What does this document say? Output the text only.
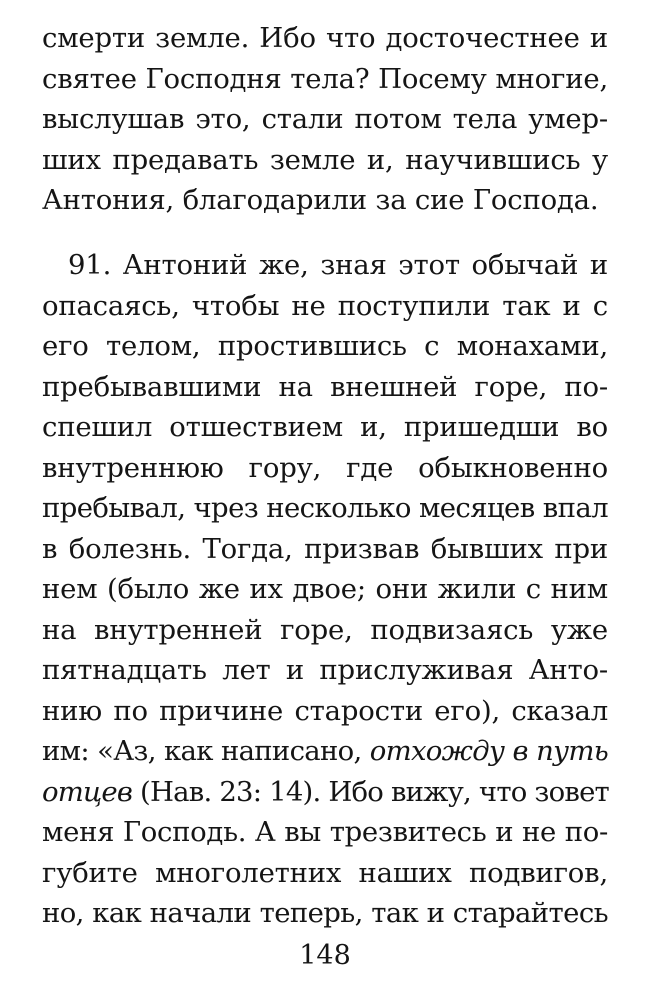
смерти земле. Ибо что досточестнее и
святее Господня тела? Посему многие,
выслушав это, стали потом тела умер-
ших предавать земле и, научившись у
Антония, благодарили за сие Господа.
91. Антоний же, зная этот обычай и
опасаясь, чтобы не поступили так и с
его телом, простившись с монахами,
пребывавшими на внешней горе, по-
спешил отшествием и, пришедши во
внутреннюю гору, где обыкновенно
пребывал, чрез несколько месяцев впал
в болезнь. Тогда, призвав бывших при
нем (было же их двое; они жили с ним
на внутренней горе, подвизаясь уже
пятнадцать лет и прислуживая Анто-
нию по причине старости его), сказал
им: «Аз, как написано, отхожду в путь
отцев (Нав. 23: 14). Ибо вижу, что зовет
меня Господь. А вы трезвитесь и не по-
губите многолетних наших подвигов,
но, как начали теперь, так и старайтесь
148
